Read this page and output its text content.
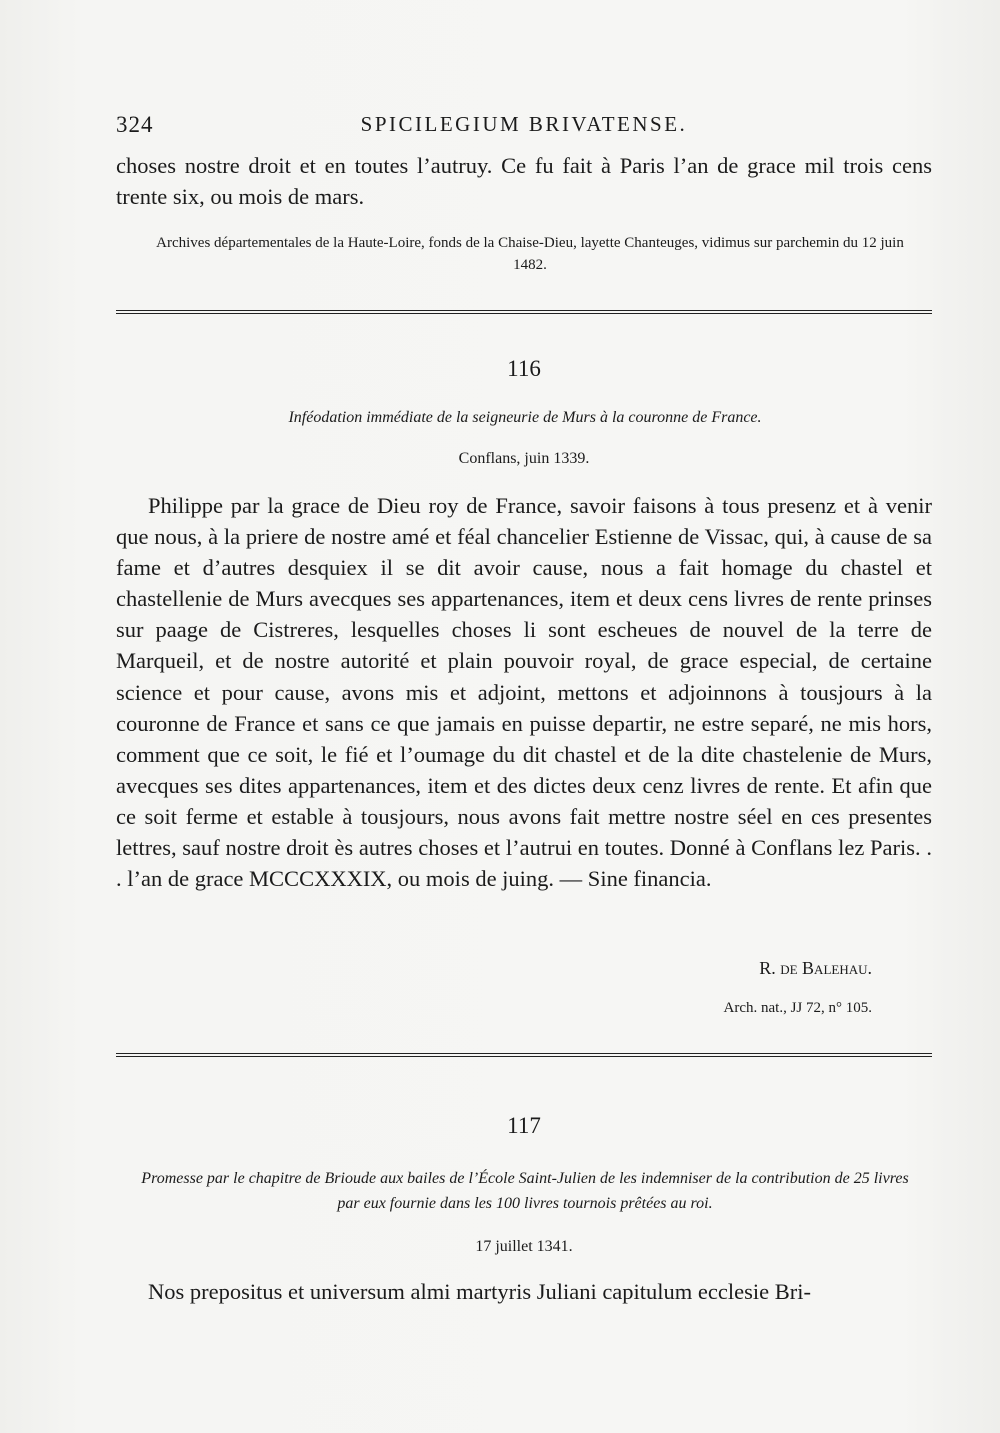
324	SPICILEGIUM BRIVATENSE.
choses nostre droit et en toutes l’autruy. Ce fu fait à Paris l’an de grace mil trois cens trente six, ou mois de mars.
Archives départementales de la Haute-Loire, fonds de la Chaise-Dieu, layette Chanteuges, vidimus sur parchemin du 12 juin 1482.
116
Inféodation immédiate de la seigneurie de Murs à la couronne de France.
Conflans, juin 1339.
Philippe par la grace de Dieu roy de France, savoir faisons à tous presenz et à venir que nous, à la priere de nostre amé et féal chancelier Estienne de Vissac, qui, à cause de sa fame et d’autres desquiex il se dit avoir cause, nous a fait homage du chastel et chastellenie de Murs avecques ses appartenances, item et deux cens livres de rente prinses sur paage de Cistreres, lesquelles choses li sont escheues de nouvel de la terre de Marqueil, et de nostre autorité et plain pouvoir royal, de grace especial, de certaine science et pour cause, avons mis et adjoint, mettons et adjoinnons à tousjours à la couronne de France et sans ce que jamais en puisse departir, ne estre separé, ne mis hors, comment que ce soit, le fié et l’oumage du dit chastel et de la dite chastelenie de Murs, avecques ses dites appartenances, item et des dictes deux cenz livres de rente. Et afin que ce soit ferme et estable à tousjours, nous avons fait mettre nostre séel en ces presentes lettres, sauf nostre droit ès autres choses et l’autrui en toutes. Donné à Conflans lez Paris. . . l’an de grace MCCCXXXIX, ou mois de juing. — Sine financia.
R. de Balehau.
Arch. nat., JJ 72, n° 105.
117
Promesse par le chapitre de Brioude aux bailes de l’École Saint-Julien de les indemniser de la contribution de 25 livres par eux fournie dans les 100 livres tournois prêtées au roi.
17 juillet 1341.
Nos prepositus et universum almi martyris Juliani capitulum ecclesie Bri-
